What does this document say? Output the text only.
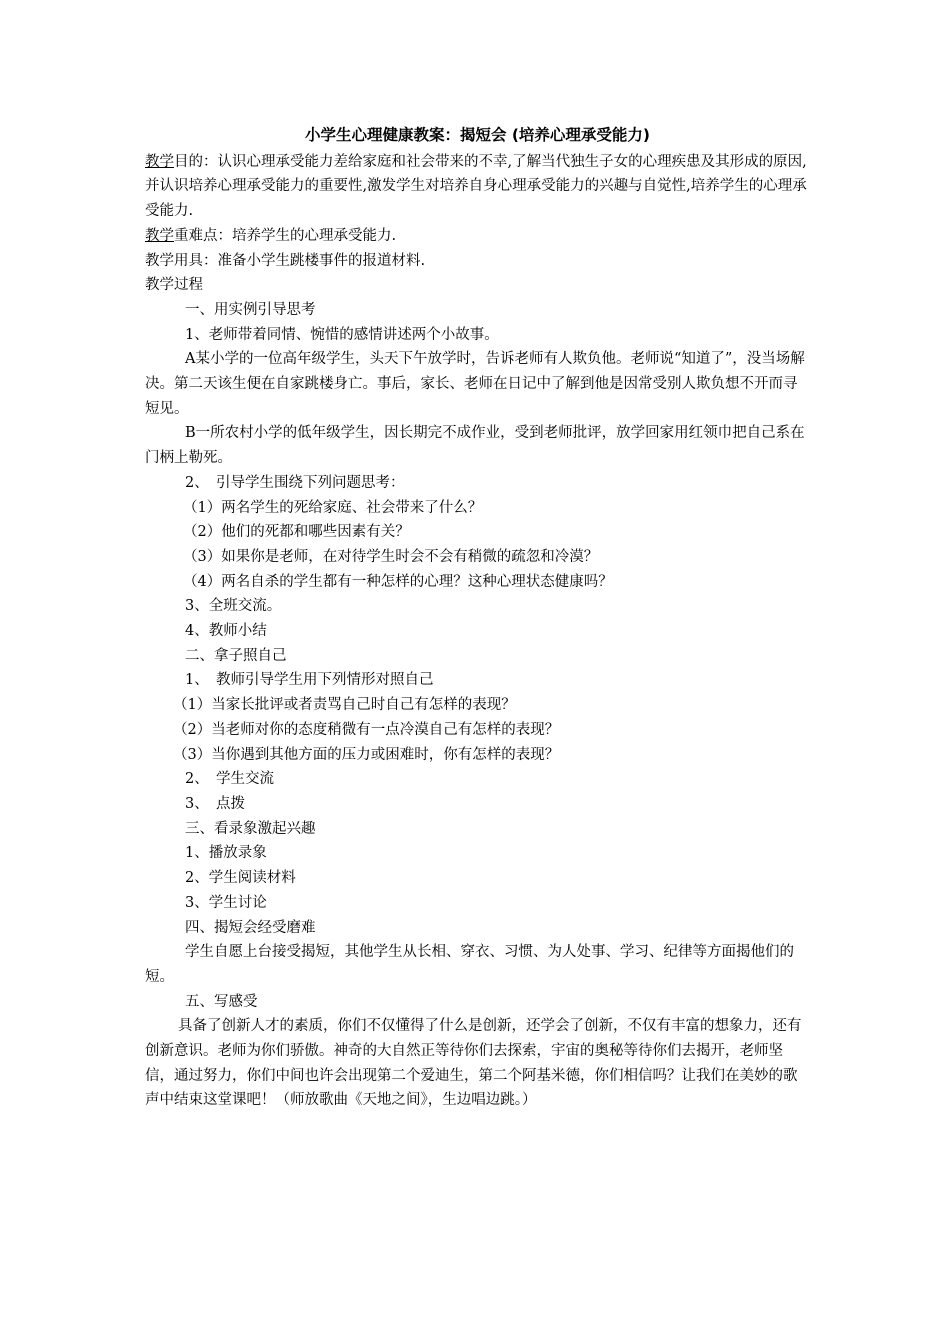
小学生心理健康教案：揭短会 (培养心理承受能力)

教学目的：认识心理承受能力差给家庭和社会带来的不幸,了解当代独生子女的心理疾患及其形成的原因,并认识培养心理承受能力的重要性,激发学生对培养自身心理承受能力的兴趣与自觉性,培养学生的心理承受能力.

教学重难点：培养学生的心理承受能力.

教学用具：准备小学生跳楼事件的报道材料.

教学过程

一、用实例引导思考

1、老师带着同情、惋惜的感情讲述两个小故事。

A某小学的一位高年级学生，头天下午放学时，告诉老师有人欺负他。老师说“知道了”，没当场解决。第二天该生便在自家跳楼身亡。事后，家长、老师在日记中了解到他是因常受别人欺负想不开而寻短见。

B一所农村小学的低年级学生，因长期完不成作业，受到老师批评，放学回家用红领巾把自己系在门柄上勒死。

2、　引导学生围绕下列问题思考：

（1）两名学生的死给家庭、社会带来了什么？

（2）他们的死都和哪些因素有关？

（3）如果你是老师，在对待学生时会不会有稍微的疏忽和冷漠？

（4）两名自杀的学生都有一种怎样的心理？这种心理状态健康吗？

3、全班交流。

4、教师小结

二、拿子照自己

1、　教师引导学生用下列情形对照自己

（1）当家长批评或者责骂自己时自己有怎样的表现？

（2）当老师对你的态度稍微有一点冷漠自己有怎样的表现？

（3）当你遇到其他方面的压力或困难时，你有怎样的表现？

2、　学生交流

3、　点拨

三、看录象激起兴趣

1、播放录象

2、学生阅读材料

3、学生讨论

四、揭短会经受磨难

学生自愿上台接受揭短，其他学生从长相、穿衣、习惯、为人处事、学习、纪律等方面揭他们的短。

五、写感受

具备了创新人才的素质，你们不仅懂得了什么是创新，还学会了创新，不仅有丰富的想象力，还有创新意识。老师为你们骄傲。神奇的大自然正等待你们去探索，宇宙的奥秘等待你们去揭开，老师坚信，通过努力，你们中间也许会出现第二个爱迪生，第二个阿基米德，你们相信吗？让我们在美妙的歌声中结束这堂课吧！（师放歌曲《天地之间》，生边唱边跳。）
